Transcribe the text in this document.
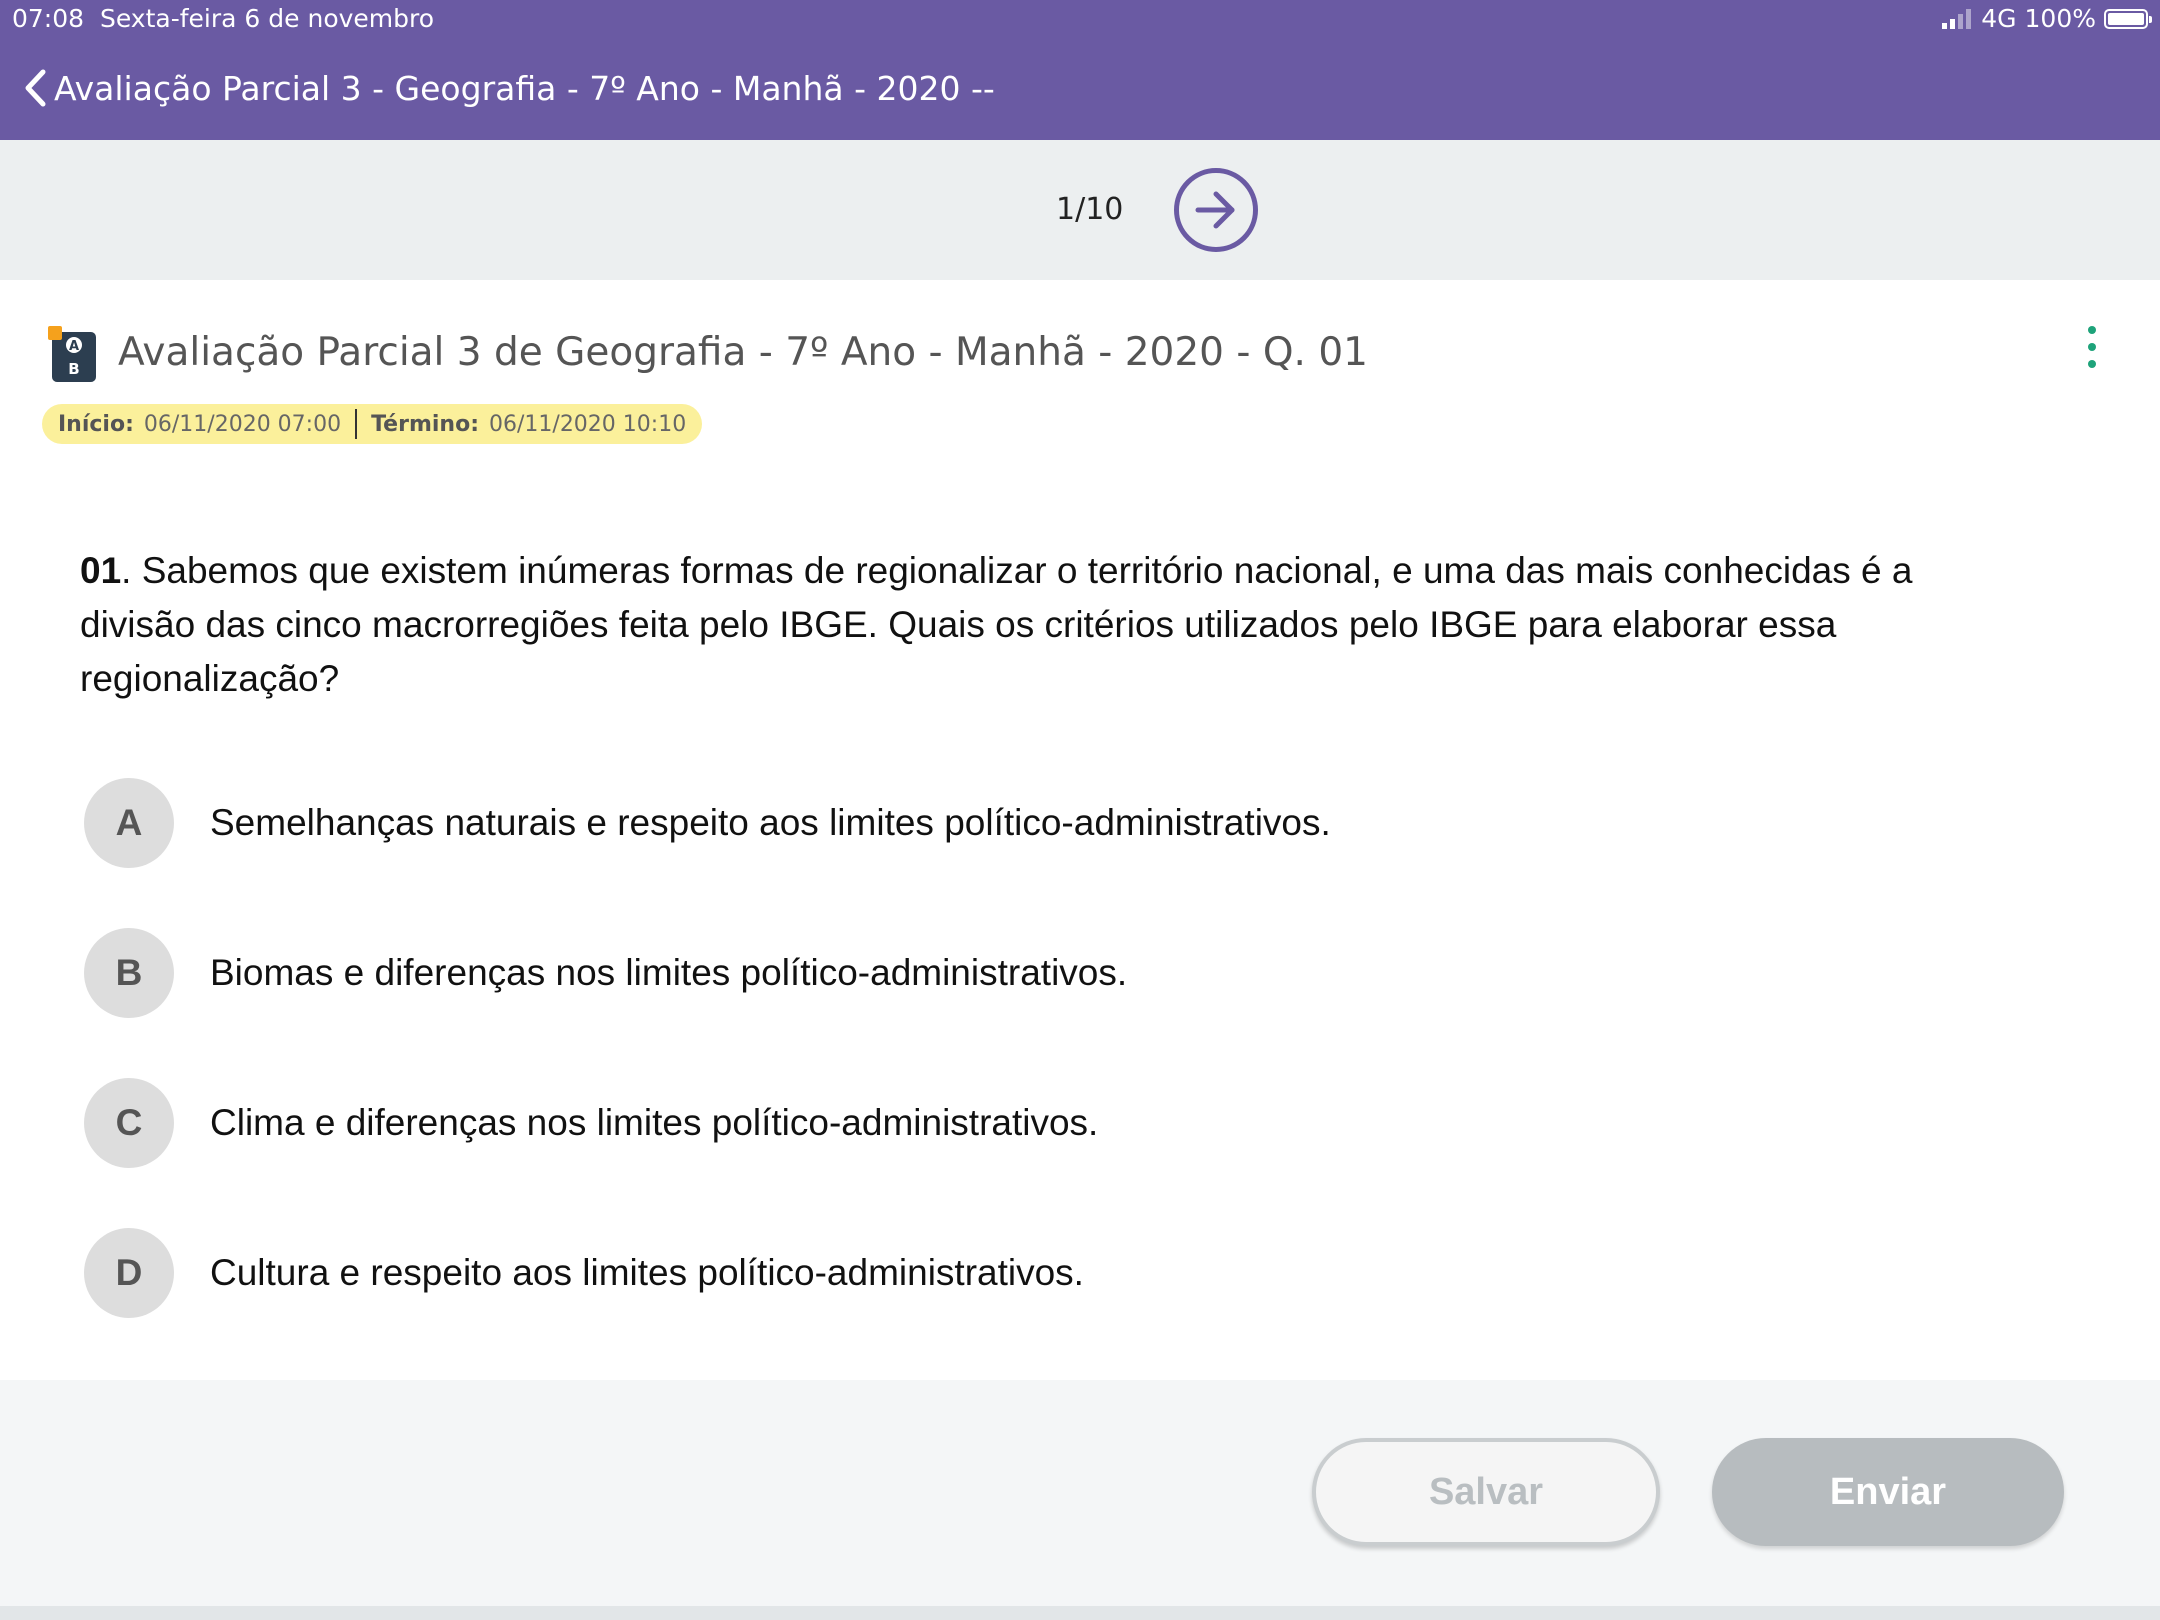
07:08 Sexta-feira 6 de novembro	4G 100%
Avaliação Parcial 3 - Geografia - 7º Ano - Manhã - 2020 --
1/10
A
B Avaliação Parcial 3 de Geografia - 7º Ano - Manhã - 2020 - Q. 01
Início: 06/11/2020 07:00 Término: 06/11/2020 10:10
01. Sabemos que existem inúmeras formas de regionalizar o território nacional, e uma das mais conhecidas é a divisão das cinco macrorregiões feita pelo IBGE. Quais os critérios utilizados pelo IBGE para elaborar essa regionalização?
A	Semelhanças naturais e respeito aos limites político-administrativos.
B	Biomas e diferenças nos limites político-administrativos.
C	Clima e diferenças nos limites político-administrativos.
D	Cultura e respeito aos limites político-administrativos.
Salvar	Enviar
